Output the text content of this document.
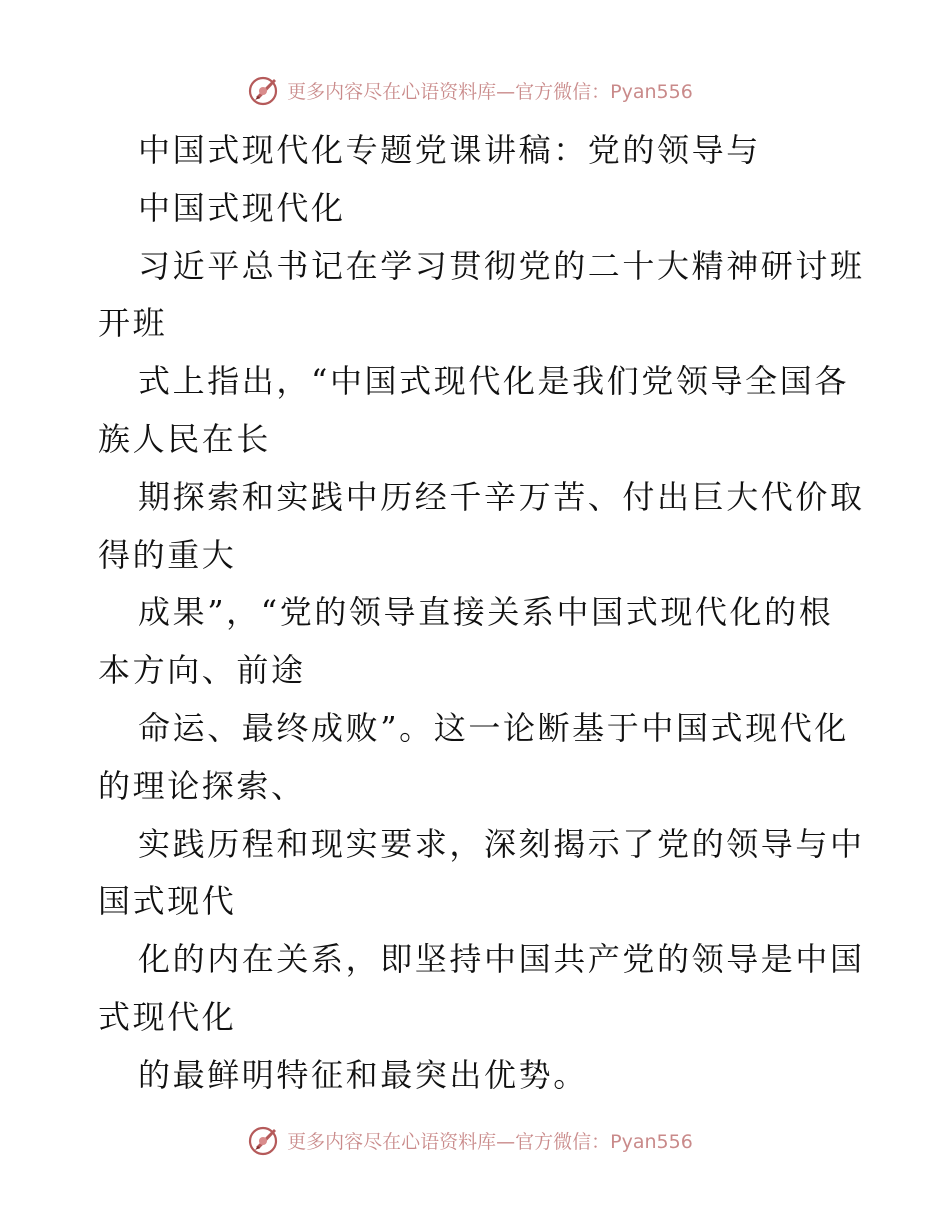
更多内容尽在心语资料库—官方微信：Pyan556
中国式现代化专题党课讲稿：党的领导与
中国式现代化
习近平总书记在学习贯彻党的二十大精神研讨班
开班
式上指出，“中国式现代化是我们党领导全国各
族人民在长
期探索和实践中历经千辛万苦、付出巨大代价取
得的重大
成果”，“党的领导直接关系中国式现代化的根
本方向、前途
命运、最终成败”。这一论断基于中国式现代化
的理论探索、
实践历程和现实要求，深刻揭示了党的领导与中
国式现代
化的内在关系，即坚持中国共产党的领导是中国
式现代化
的最鲜明特征和最突出优势。
更多内容尽在心语资料库—官方微信：Pyan556
